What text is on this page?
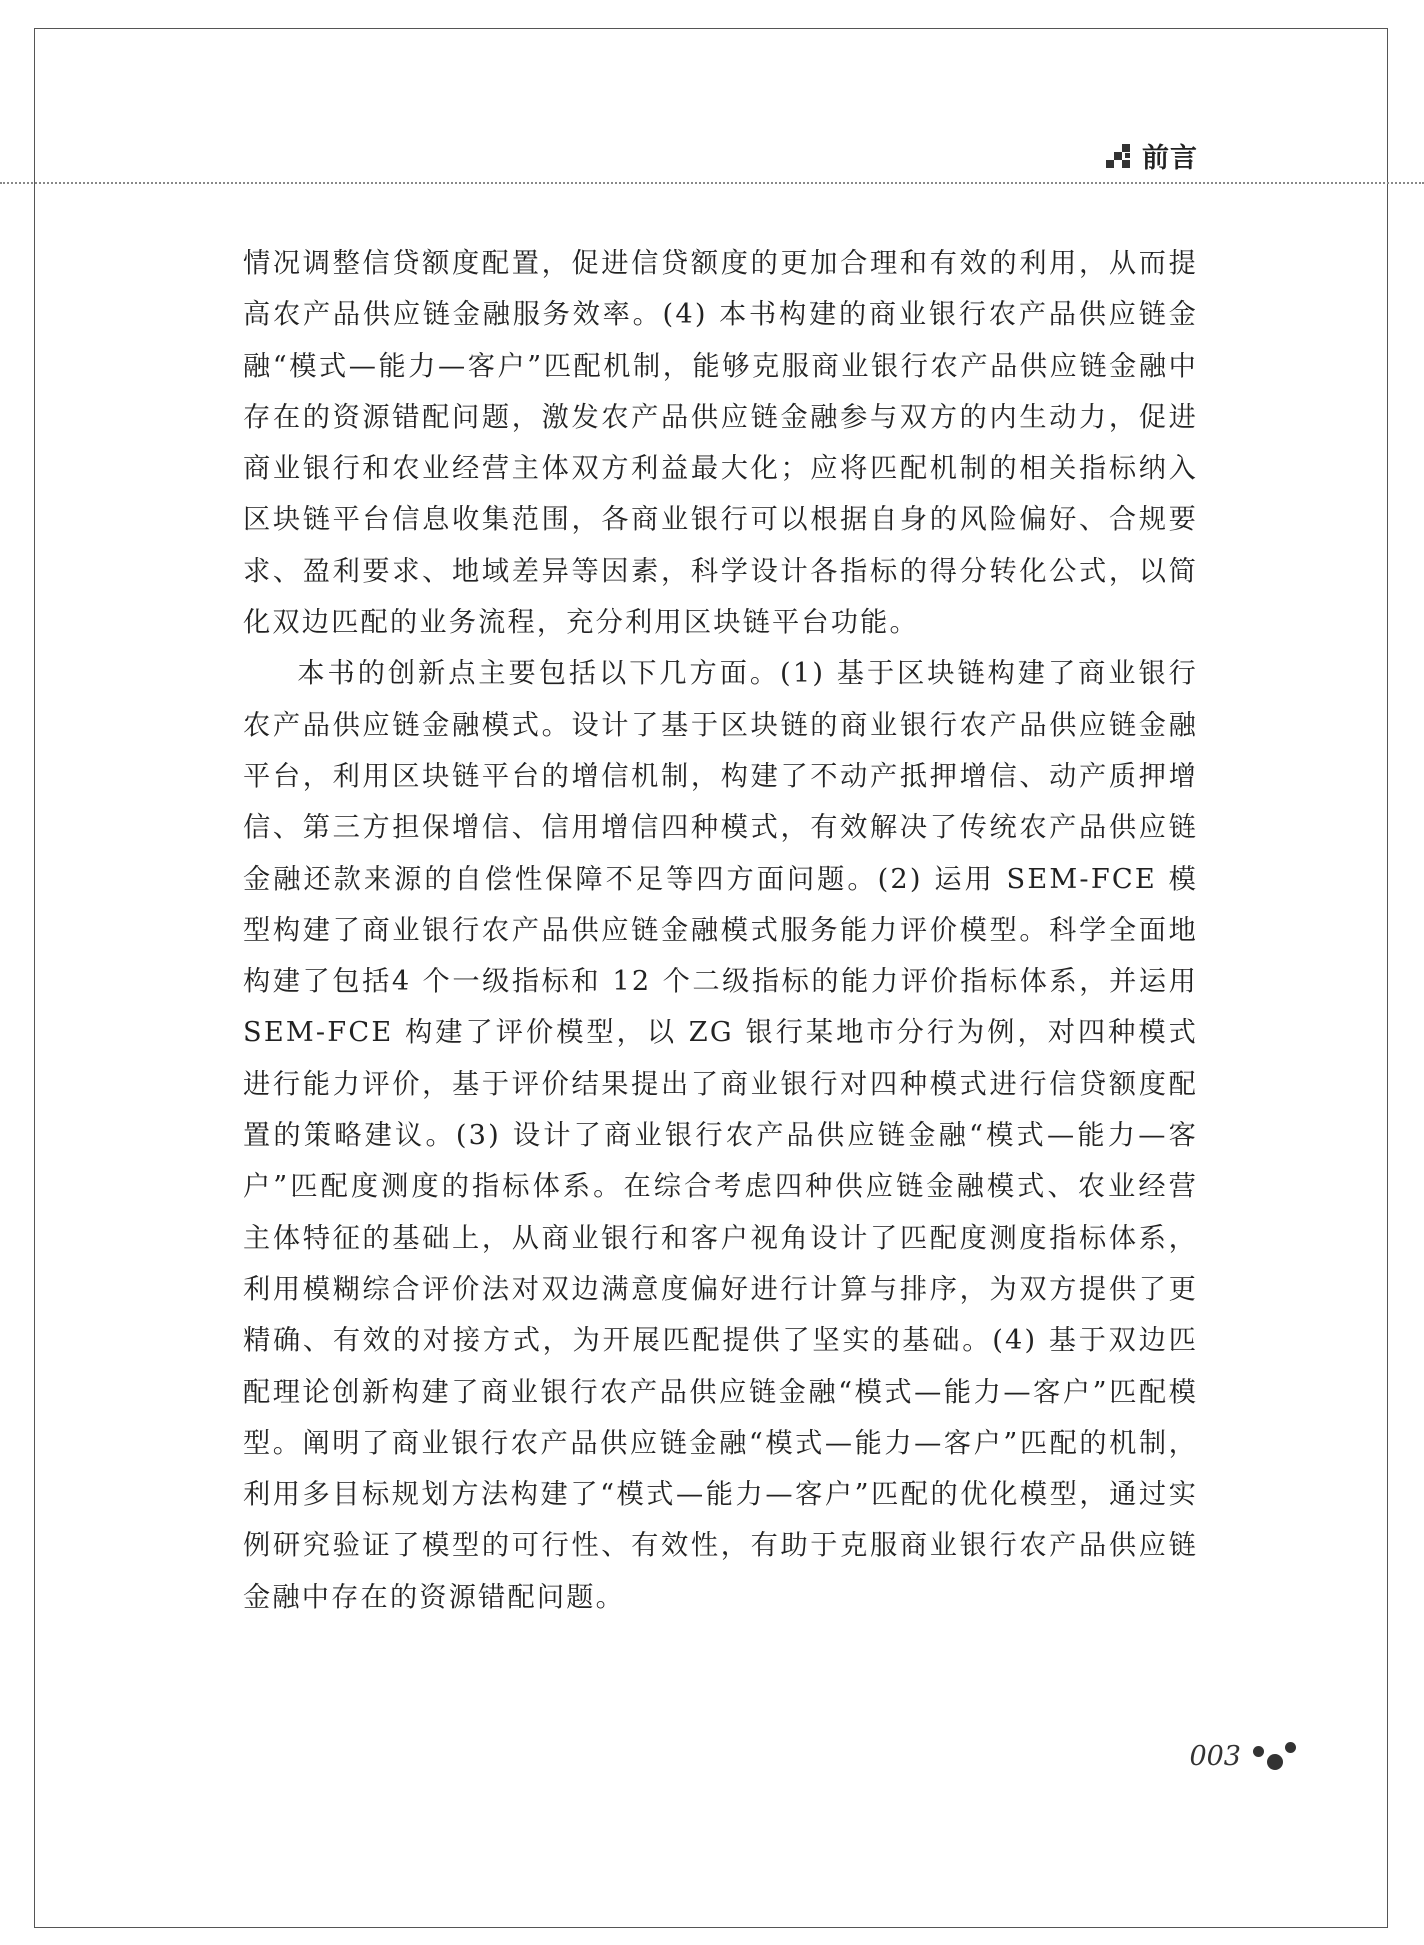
前言

情况调整信贷额度配置，促进信贷额度的更加合理和有效的利用，从而提高农产品供应链金融服务效率。(4) 本书构建的商业银行农产品供应链金融“模式—能力—客户”匹配机制，能够克服商业银行农产品供应链金融中存在的资源错配问题，激发农产品供应链金融参与双方的内生动力，促进商业银行和农业经营主体双方利益最大化；应将匹配机制的相关指标纳入区块链平台信息收集范围，各商业银行可以根据自身的风险偏好、合规要求、盈利要求、地域差异等因素，科学设计各指标的得分转化公式，以简化双边匹配的业务流程，充分利用区块链平台功能。

本书的创新点主要包括以下几方面。(1) 基于区块链构建了商业银行农产品供应链金融模式。设计了基于区块链的商业银行农产品供应链金融平台，利用区块链平台的增信机制，构建了不动产抵押增信、动产质押增信、第三方担保增信、信用增信四种模式，有效解决了传统农产品供应链金融还款来源的自偿性保障不足等四方面问题。(2) 运用 SEM-FCE 模型构建了商业银行农产品供应链金融模式服务能力评价模型。科学全面地构建了包括4 个一级指标和 12 个二级指标的能力评价指标体系，并运用 SEM-FCE 构建了评价模型，以 ZG 银行某地市分行为例，对四种模式进行能力评价，基于评价结果提出了商业银行对四种模式进行信贷额度配置的策略建议。(3) 设计了商业银行农产品供应链金融“模式—能力—客户”匹配度测度的指标体系。在综合考虑四种供应链金融模式、农业经营主体特征的基础上，从商业银行和客户视角设计了匹配度测度指标体系，利用模糊综合评价法对双边满意度偏好进行计算与排序，为双方提供了更精确、有效的对接方式，为开展匹配提供了坚实的基础。(4) 基于双边匹配理论创新构建了商业银行农产品供应链金融“模式—能力—客户”匹配模型。阐明了商业银行农产品供应链金融“模式—能力—客户”匹配的机制，利用多目标规划方法构建了“模式—能力—客户”匹配的优化模型，通过实例研究验证了模型的可行性、有效性，有助于克服商业银行农产品供应链金融中存在的资源错配问题。

003
